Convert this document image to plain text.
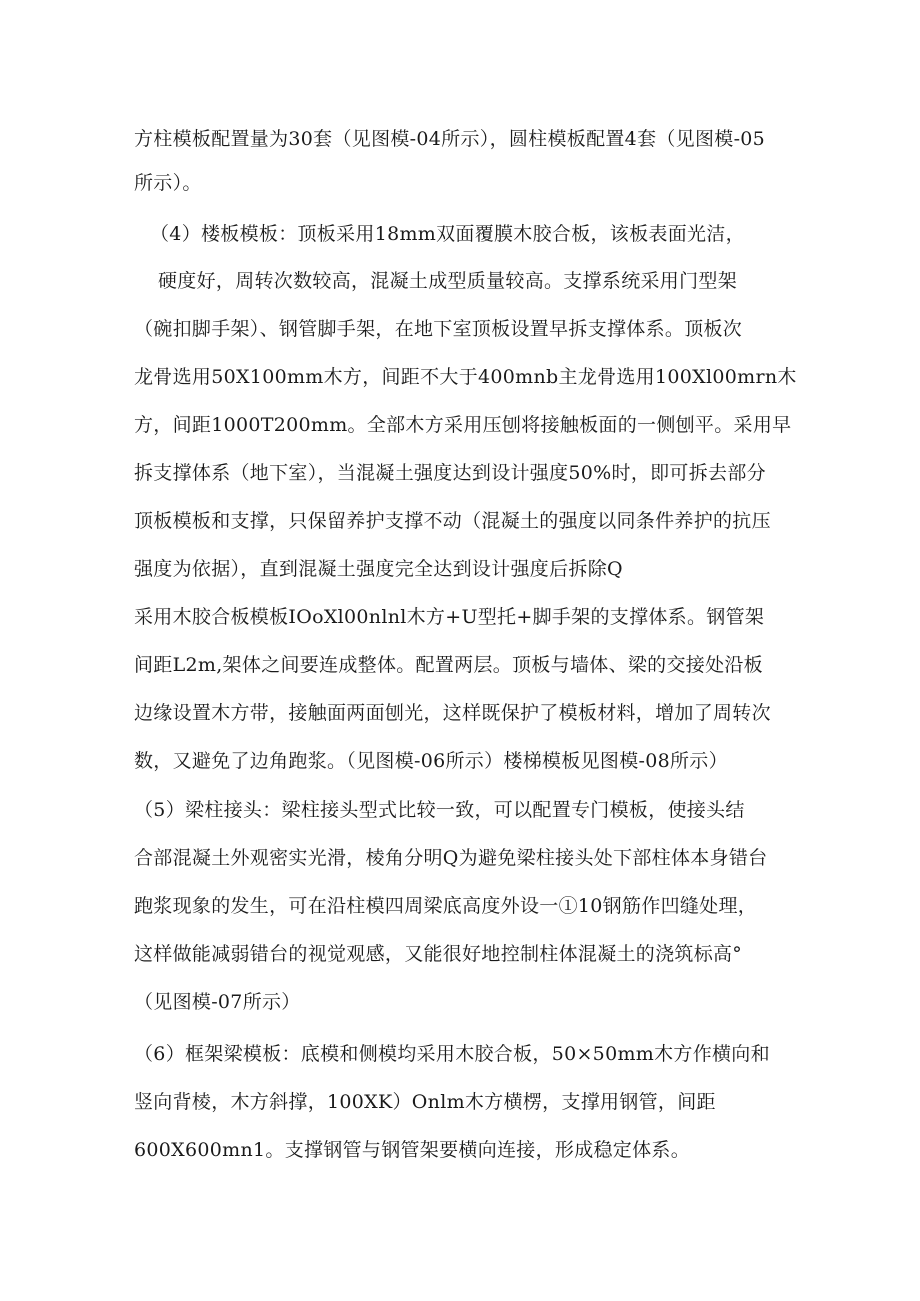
方柱模板配置量为30套（见图模-04所示），圆柱模板配置4套（见图模-05
所示）。
（4）楼板模板：顶板采用18mm双面覆膜木胶合板，该板表面光洁，
硬度好，周转次数较高，混凝土成型质量较高。支撑系统采用门型架
（碗扣脚手架）、钢管脚手架，在地下室顶板设置早拆支撑体系。顶板次
龙骨选用50X100mm木方，间距不大于400mnb主龙骨选用100Xl00mrn木
方，间距1000T200mm。全部木方采用压刨将接触板面的一侧刨平。采用早
拆支撑体系（地下室），当混凝土强度达到设计强度50%时，即可拆去部分
顶板模板和支撑，只保留养护支撑不动（混凝土的强度以同条件养护的抗压
强度为依据），直到混凝土强度完全达到设计强度后拆除Q
采用木胶合板模板IOoXl00nlnl木方+U型托+脚手架的支撑体系。钢管架
间距L2m,架体之间要连成整体。配置两层。顶板与墙体、梁的交接处沿板
边缘设置木方带，接触面两面刨光，这样既保护了模板材料，增加了周转次
数，又避免了边角跑浆。（见图模-06所示）楼梯模板见图模-08所示）
（5）梁柱接头：梁柱接头型式比较一致，可以配置专门模板，使接头结
合部混凝土外观密实光滑，棱角分明Q为避免梁柱接头处下部柱体本身错台
跑浆现象的发生，可在沿柱模四周梁底高度外设一①10钢筋作凹缝处理，
这样做能减弱错台的视觉观感，又能很好地控制柱体混凝土的浇筑标高°
（见图模-07所示）
（6）框架梁模板：底模和侧模均采用木胶合板，50×50mm木方作横向和
竖向背棱，木方斜撑，100XK）Onlm木方横楞，支撑用钢管，间距
600X600mn1。支撑钢管与钢管架要横向连接，形成稳定体系。
